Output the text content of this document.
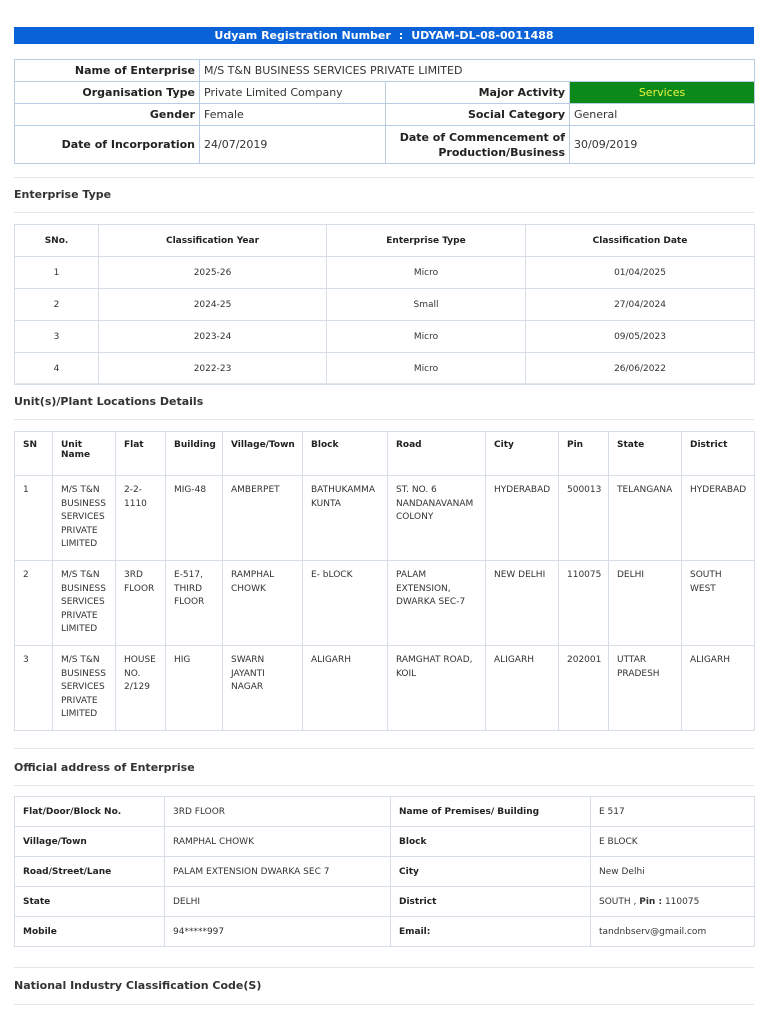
Udyam Registration Number : UDYAM-DL-08-0011488
Name of Enterprise	M/S T&N BUSINESS SERVICES PRIVATE LIMITED		
Organisation Type	Private Limited Company	Major Activity	Services
Gender	Female	Social Category	General
Date of Incorporation	24/07/2019	Date of Commencement of Production/Business	30/09/2019
Enterprise Type
SNo.	Classification Year	Enterprise Type	Classification Date
1	2025-26	Micro	01/04/2025
2	2024-25	Small	27/04/2024
3	2023-24	Micro	09/05/2023
4	2022-23	Micro	26/06/2022
Unit(s)/Plant Locations Details
SN	Unit Name	Flat	Building	Village/Town	Block	Road	City	Pin	State	District
1	M/S T&N BUSINESS SERVICES PRIVATE LIMITED	2-2-1110	MIG-48	AMBERPET	BATHUKAMMA KUNTA	ST. NO. 6 NANDANAVANAM COLONY	HYDERABAD	500013	TELANGANA	HYDERABAD
2	M/S T&N BUSINESS SERVICES PRIVATE LIMITED	3RD FLOOR	E-517, THIRD FLOOR	RAMPHAL CHOWK	E- bLOCK	PALAM EXTENSION, DWARKA SEC-7	NEW DELHI	110075	DELHI	SOUTH WEST
3	M/S T&N BUSINESS SERVICES PRIVATE LIMITED	HOUSE NO. 2/129	HIG	SWARN JAYANTI NAGAR	ALIGARH	RAMGHAT ROAD, KOIL	ALIGARH	202001	UTTAR PRADESH	ALIGARH
Official address of Enterprise
Flat/Door/Block No.	3RD FLOOR	Name of Premises/ Building	E 517
Village/Town	RAMPHAL CHOWK	Block	E BLOCK
Road/Street/Lane	PALAM EXTENSION DWARKA SEC 7	City	New Delhi
State	DELHI	District	SOUTH , Pin : 110075
Mobile	94*****997	Email:	tandnbserv@gmail.com
National Industry Classification Code(S)
